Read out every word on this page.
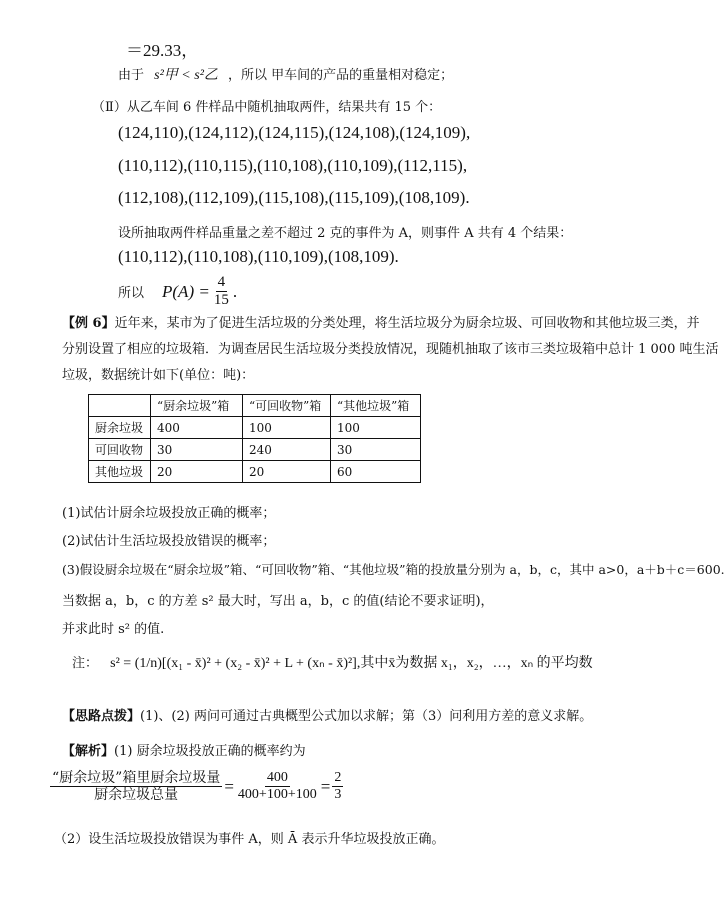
＝29.33，
由于 s²甲 < s²乙 ，所以 甲车间的产品的重量相对稳定；
（Ⅱ）从乙车间 6 件样品中随机抽取两件，结果共有 15 个：
(124,110),(124,112),(124,115),(124,108),(124,109),
(110,112),(110,115),(110,108),(110,109),(112,115),
(112,108),(112,109),(115,108),(115,109),(108,109).
设所抽取两件样品重量之差不超过 2 克的事件为 A，则事件 A 共有 4 个结果：
(110,112),(110,108),(110,109),(108,109).
所以 $P(A) = \frac{4}{15}$ .
【例 6】近年来，某市为了促进生活垃圾的分类处理，将生活垃圾分为厨余垃圾、可回收物和其他垃圾三类，并
分别设置了相应的垃圾箱．为调查居民生活垃圾分类投放情况，现随机抽取了该市三类垃圾箱中总计 1 000 吨生活
垃圾，数据统计如下(单位：吨)：
	“厨余垃圾”箱	“可回收物”箱	“其他垃圾”箱
厨余垃圾	400	100	100
可回收物	30	240	30
其他垃圾	20	20	60
(1)试估计厨余垃圾投放正确的概率；
(2)试估计生活垃圾投放错误的概率；
(3)假设厨余垃圾在“厨余垃圾”箱、“可回收物”箱、“其他垃圾”箱的投放量分别为 a，b，c，其中 a>0，a＋b＋c＝600.
当数据 a，b，c 的方差 s² 最大时，写出 a，b，c 的值(结论不要求证明)，
并求此时 s² 的值.
注： s² = (1/n)[(x₁ - x̄)² + (x₂ - x̄)² + L + (xₙ - x̄)²],其中x̄为数据 x₁，x₂，…，xₙ 的平均数
【思路点拨】(1)、(2) 两问可通过古典概型公式加以求解；第（3）问利用方差的意义求解。
【解析】(1) 厨余垃圾投放正确的概率约为
$\frac{\text{“厨余垃圾”箱里厨余垃圾量}}{\text{厨余垃圾总量}} = \frac{400}{400+100+100} = \frac{2}{3}$
（2）设生活垃圾投放错误为事件 A，则 Ā 表示升华垃圾投放正确。
